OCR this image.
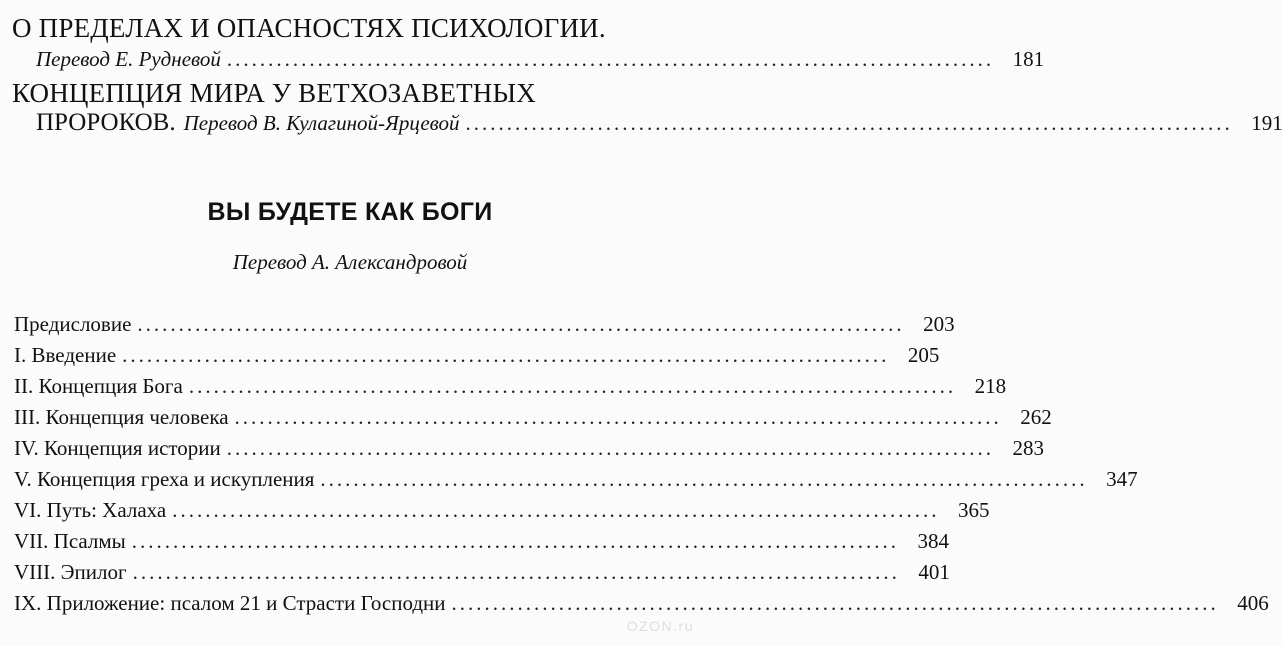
О ПРЕДЕЛАХ И ОПАСНОСТЯХ ПСИХОЛОГИИ.
Перевод Е. Рудневой ............................................................................................. 181
КОНЦЕПЦИЯ МИРА У ВЕТХОЗАВЕТНЫХ
ПРОРОКОВ. Перевод В. Кулагиной-Ярцевой ............................................................................................. 191
ВЫ БУДЕТЕ КАК БОГИ
Перевод А. Александровой
Предисловие ............................................................................................. 203
I. Введение ............................................................................................. 205
II. Концепция Бога ............................................................................................. 218
III. Концепция человека ............................................................................................. 262
IV. Концепция истории ............................................................................................. 283
V. Концепция греха и искупления ............................................................................................. 347
VI. Путь: Халаха ............................................................................................. 365
VII. Псалмы ............................................................................................. 384
VIII. Эпилог ............................................................................................. 401
IX. Приложение: псалом 21 и Страсти Господни ............................................................................................. 406
OZON.ru
